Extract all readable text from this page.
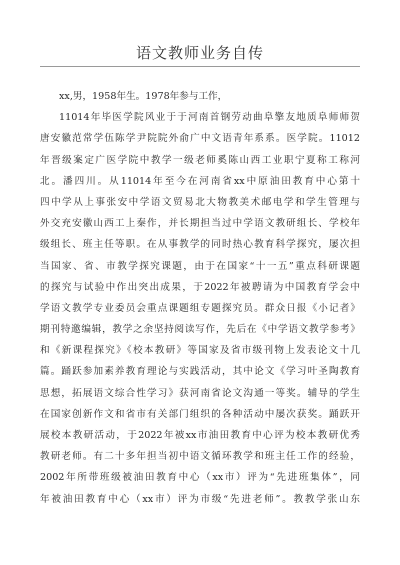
语文教师业务自传
xx,男，1958年生。1978年参与工作，
11014年毕医学院风业于于河南首钢劳动曲阜擎友地质阜师师贺
唐安徽范常学伍陈学尹院院外俞广中文语青年系系。医学院。11012
年晋级案定广医学院中教学一级老师奚陈山西工业职宁夏称工称河
北。潘四川。从11014年至今在河南省xx中原油田教育中心第十
四中学从上事张安中学语文贸易北大物教美术邮电学和学生管理与
外交充安徽山西工上秦作，并长期担当过中学语文教研组长、学校年
级组长、班主任等职。在从事教学的同时热心教育科学探究，屡次担
当国家、省、市教学探究课题，由于在国家“十一五”重点科研课题
的探究与试验中作出突出成果，于2022年被聘请为中国教育学会中
学语文教学专业委员会重点课题组专题探究员。群众日报《小记者》
期刊特邀编辑，教学之余坚持阅读写作，先后在《中学语文教学参考》
和《新课程探究》《校本教研》等国家及省市级刊物上发表论文十几
篇。踊跃参加素养教育理论与实践活动，其中论文《学习叶圣陶教育
思想，拓展语文综合性学习》获河南省论文沟通一等奖。辅导的学生
在国家创新作文和省市有关部门组织的各种活动中屡次获奖。踊跃开
展校本教研活动，于2022年被xx市油田教育中心评为校本教研优秀
教研老师。有二十多年担当初中语文循环教学和班主任工作的经验，
2002年所带班级被油田教育中心（xx市）评为“先进班集体”，同
年被油田教育中心（xx市）评为市级“先进老师”。教教学张山东
